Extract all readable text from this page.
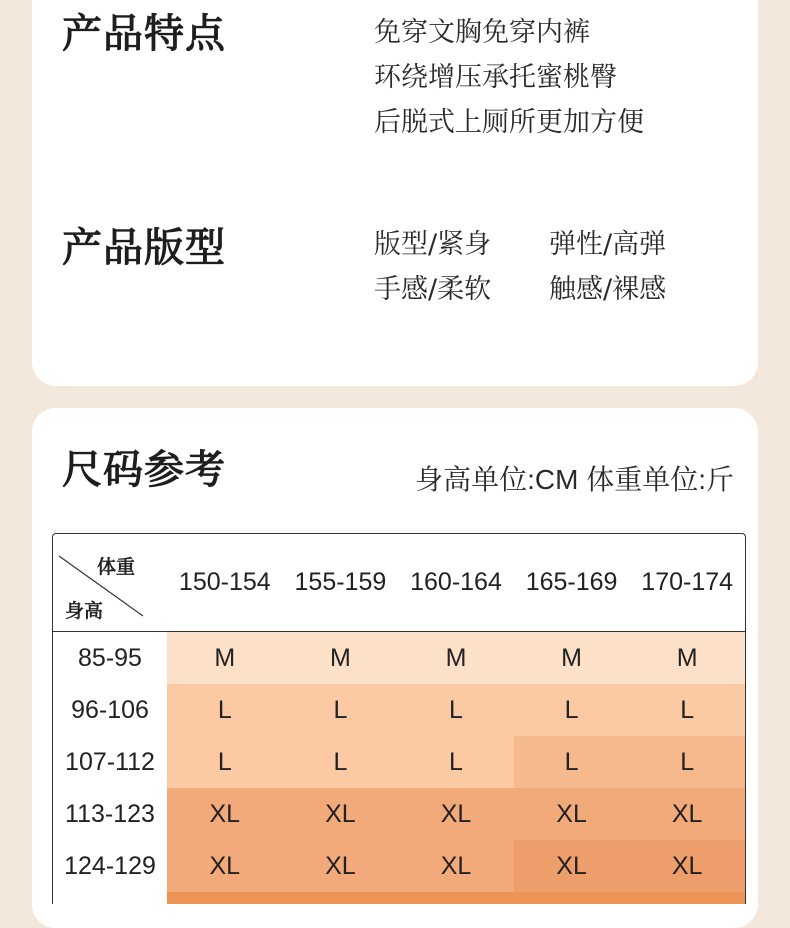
产品特点	免穿文胸免穿内裤
环绕增压承托蜜桃臀
后脱式上厕所更加方便
产品版型	版型/紧身	弹性/高弹
手感/柔软	触感/裸感
尺码参考	身高单位:CM 体重单位:斤
体重
身高
150-154 155-159 160-164 165-169 170-174
85-95	M	M	M	M	M
96-106	L	L	L	L	L
107-112	L	L	L	L	L
113-123	XL	XL	XL	XL	XL
124-129	XL	XL	XL	XL	XL
